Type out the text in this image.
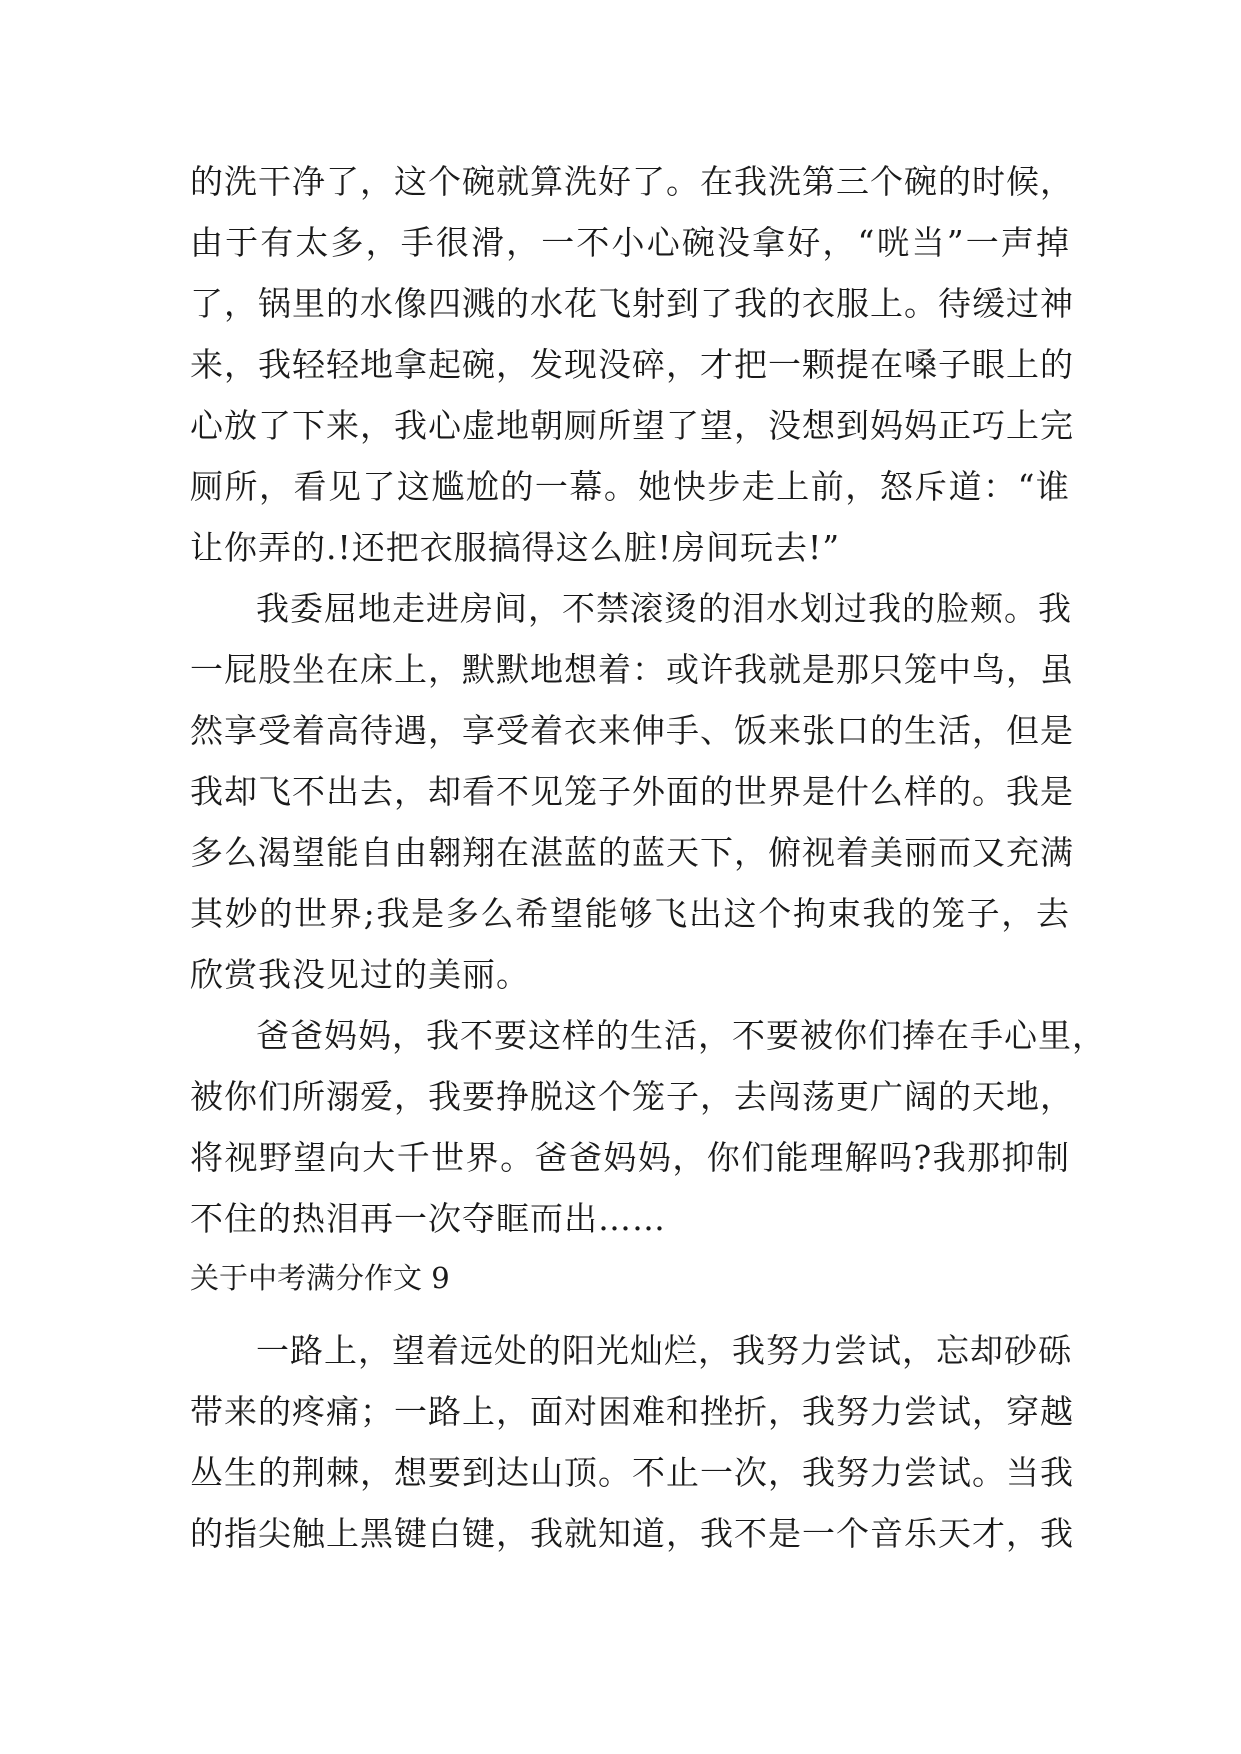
的洗干净了，这个碗就算洗好了。在我洗第三个碗的时候，
由于有太多，手很滑，一不小心碗没拿好，“咣当”一声掉
了，锅里的水像四溅的水花飞射到了我的衣服上。待缓过神
来，我轻轻地拿起碗，发现没碎，才把一颗提在嗓子眼上的
心放了下来，我心虚地朝厕所望了望，没想到妈妈正巧上完
厕所，看见了这尴尬的一幕。她快步走上前，怒斥道：“谁
让你弄的.!还把衣服搞得这么脏!房间玩去!”
我委屈地走进房间，不禁滚烫的泪水划过我的脸颊。我
一屁股坐在床上，默默地想着：或许我就是那只笼中鸟，虽
然享受着高待遇，享受着衣来伸手、饭来张口的生活，但是
我却飞不出去，却看不见笼子外面的世界是什么样的。我是
多么渴望能自由翱翔在湛蓝的蓝天下，俯视着美丽而又充满
其妙的世界;我是多么希望能够飞出这个拘束我的笼子，去
欣赏我没见过的美丽。
爸爸妈妈，我不要这样的生活，不要被你们捧在手心里，
被你们所溺爱，我要挣脱这个笼子，去闯荡更广阔的天地，
将视野望向大千世界。爸爸妈妈，你们能理解吗?我那抑制
不住的热泪再一次夺眶而出……
关于中考满分作文 9
一路上，望着远处的阳光灿烂，我努力尝试，忘却砂砾
带来的疼痛；一路上，面对困难和挫折，我努力尝试，穿越
丛生的荆棘，想要到达山顶。不止一次，我努力尝试。当我
的指尖触上黑键白键，我就知道，我不是一个音乐天才，我
